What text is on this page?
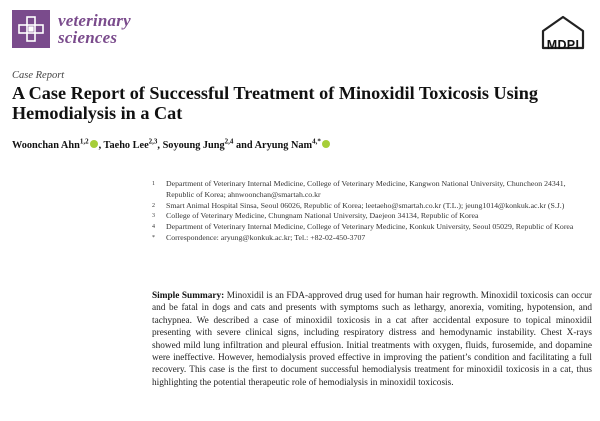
veterinary
sciences	MDPI
Case Report
A Case Report of Successful Treatment of Minoxidil Toxicosis Using Hemodialysis in a Cat
Woonchan Ahn$^{1,2}$ , Taeho Lee$^{2,3}$, Soyoung Jung$^{2,4}$ and Aryung Nam$^{4,*}$
1	Department of Veterinary Internal Medicine, College of Veterinary Medicine, Kangwon National University, Chuncheon 24341, Republic of Korea; ahnwoonchan@smartah.co.kr
2	Smart Animal Hospital Sinsa, Seoul 06026, Republic of Korea; leetaeho@smartah.co.kr (T.L.); jeung1014@konkuk.ac.kr (S.J.)
3	College of Veterinary Medicine, Chungnam National University, Daejeon 34134, Republic of Korea
4	Department of Veterinary Internal Medicine, College of Veterinary Medicine, Konkuk University, Seoul 05029, Republic of Korea
*	Correspondence: aryung@konkuk.ac.kr; Tel.: +82-02-450-3707
Simple Summary: Minoxidil is an FDA-approved drug used for human hair regrowth. Minoxidil toxicosis can occur and be fatal in dogs and cats and presents with symptoms such as lethargy, anorexia, vomiting, hypotension, and tachypnea. We described a case of minoxidil toxicosis in a cat after accidental exposure to topical minoxidil presenting with severe clinical signs, including respiratory distress and hemodynamic instability. Chest X-rays showed mild lung infiltration and pleural effusion. Initial treatments with oxygen, fluids, furosemide, and dopamine were ineffective. However, hemodialysis proved effective in improving the patient’s condition and facilitating a full recovery. This case is the first to document successful hemodialysis treatment for minoxidil toxicosis in a cat, thus highlighting the potential therapeutic role of hemodialysis in minoxidil toxicosis.
